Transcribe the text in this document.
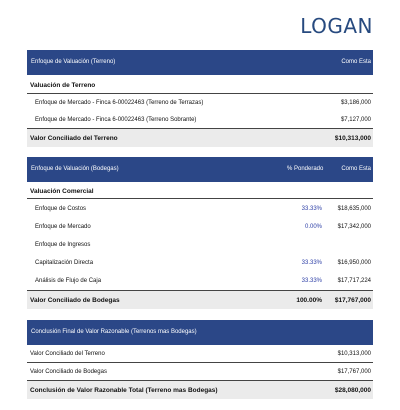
LOGAN
Enfoque de Valuación (Terreno)	Como Esta
Valuación de Terreno
Enfoque de Mercado - Finca 6-00022463 (Terreno de Terrazas)	$3,186,000
Enfoque de Mercado - Finca 6-00022463 (Terreno Sobrante)	$7,127,000
Valor Conciliado del Terreno	$10,313,000
Enfoque de Valuación (Bodegas)	% Ponderado	Como Esta
Valuación Comercial
Enfoque de Costos	33.33%	$18,635,000
Enfoque de Mercado	0.00%	$17,342,000
Enfoque de Ingresos
Capitalización Directa	33.33%	$16,950,000
Análisis de Flujo de Caja	33.33%	$17,717,224
Valor Conciliado de Bodegas	100.00% $17,767,000
Conclusión Final de Valor Razonable (Terrenos mas Bodegas)
Valor Conciliado del Terreno	$10,313,000
Valor Conciliado de Bodegas	$17,767,000
Conclusión de Valor Razonable Total (Terreno mas Bodegas)	$28,080,000
